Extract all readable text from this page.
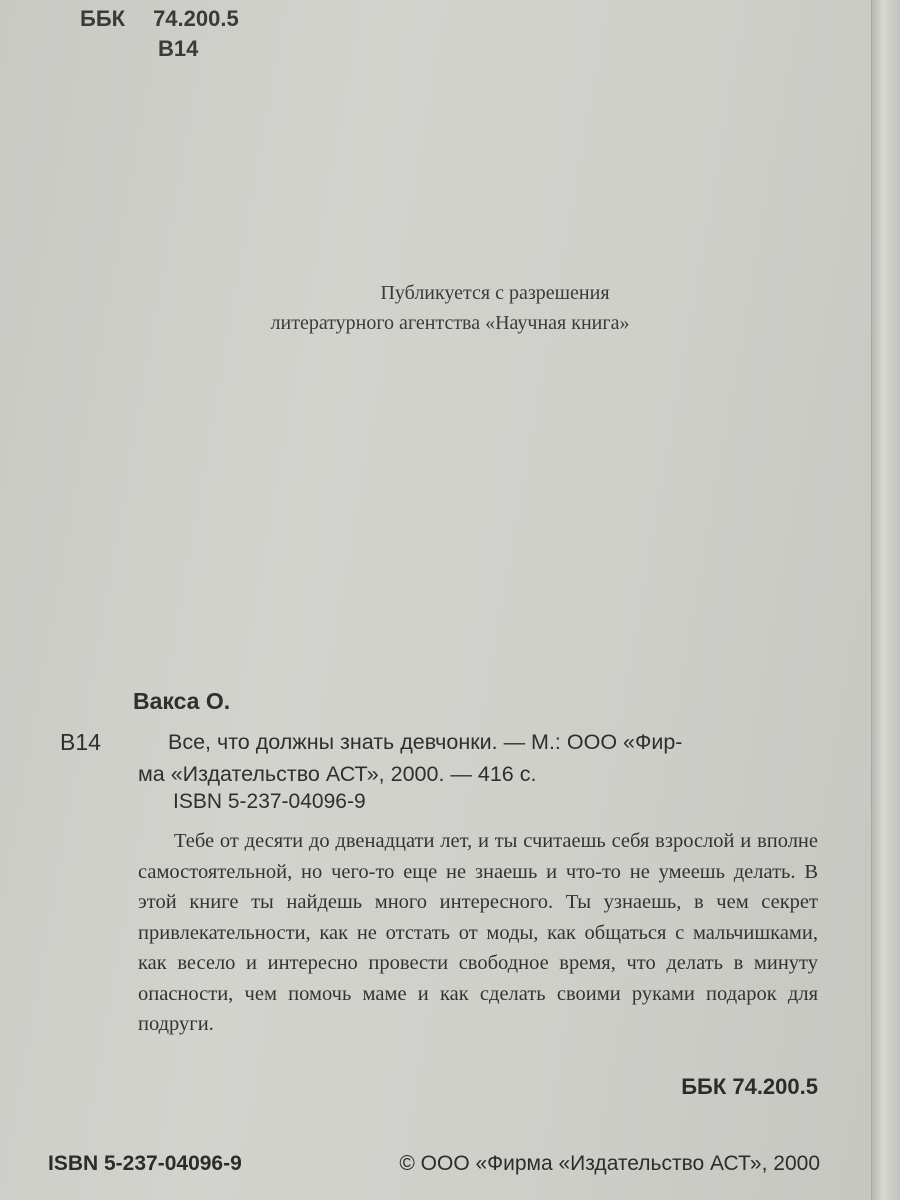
ББК 74.200.5
В14
Публикуется с разрешения
литературного агентства «Научная книга»
Вакса О.
В14	Все, что должны знать девчонки. — М.: ООО «Фир-
ма «Издательство АСТ», 2000. — 416 с.
ISBN 5-237-04096-9
Тебе от десяти до двенадцати лет, и ты считаешь себя взрослой и вполне самостоятельной, но чего-то еще не знаешь и что-то не умеешь делать. В этой книге ты найдешь много интересного. Ты узнаешь, в чем секрет привлекательности, как не отстать от моды, как общаться с мальчишками, как весело и интересно провести свободное время, что делать в минуту опасности, чем помочь маме и как сделать своими руками подарок для подруги.
ББК 74.200.5
ISBN 5-237-04096-9	© ООО «Фирма «Издательство АСТ», 2000
